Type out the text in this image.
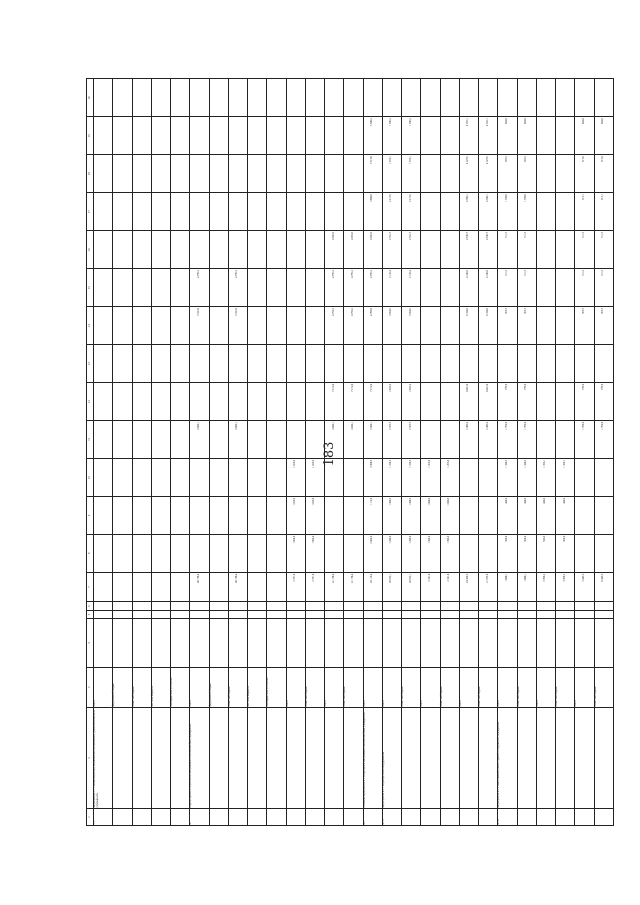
1	2	3	4	5	6	7	8	9	10	11	12	13	14	15	16	17	18	19	20
1.1.	Мероприятие 1.1.1 «Реализация мер, направленных на повышение уровня безопасности учреждений»	всего																	
		федеральный бюджет																	
		областной бюджет																	
		местные бюджеты																	
		внебюджетные источники																	
4.	Подпрограмма 4 «Укрепление материально-технической базы учреждений»	всего				48 176,4				4 000,1			3 341,6	4 759,2					
		федеральный бюджет																	
		областной бюджет				48 176,4				4 000,1			3 341,6	4 759,2					
		местные бюджеты																	
		внебюджетные источники																	
		всего				2 371,8	1 000,0	1 025,0	1 025,0										
		областной бюджет				2 371,8	1 000,0	1 025,0	1 025,0										
		всего				41 176,4				4 000,1	7 212,6		4 759,2	4 759,2	4 909,8				
		областной бюджет				41 176,4				4 000,1	7 212,6		4 759,2	4 759,2	4 909,8				
4.1.	Основное мероприятие 4.1 «Укрепление материально-технической базы учреждений»	всего				45 110,4	2 000,0	1 112,8	3 306,5	5 000,1	7 212,6		4 763,8	4 759,2	4 909,8	3 866,8	3 313,6	3 306,2	
4.1.1.	Мероприятие 4.1.1 «Приобретение оборудования»	всего				28 952,1	1 260,0	1 360,3	1 230,5	2 595,7	2 652,0		3 054,9	2 129,4	2 341,7	2 217,9	1 774,1	1 700,2	
		областной бюджет				28 952,1	1 260,0	1 360,3	1 230,5	2 595,7	2 652,0		3 054,9	2 129,4	2 341,7	2 217,9	1 774,1	1 700,2	
		всего				2 341,6	1 360,0	1 060,8	1 295,6										
		областной бюджет				2 341,6	1 360,0	1 060,8	1 295,6										
		всего				24 450,3				2 489,0	6 401,6		4 160,8	4 160,8	4 349,7	4 386,1	4 327,9	4 352,1	
		областной бюджет				21 255,8				2 489,0	6 401,6		4 160,8	4 160,8	4 349,7	4 386,1	4 327,9	4 352,1	
4.1.2.	Мероприятие 4.1.2 «Капитальный ремонт зданий и сооружений учреждений»	всего				1 666,1	500,0	440,0	1 340,3	1 790,8	739,8		395,7	311,3	311,3	1 376,8	307,2	804,8	
		областной бюджет				1 666,1	500,0	440,0	1 340,3	1 790,8	739,8		395,7	311,3	311,3	1 376,8	307,2	804,8	
		всего				3 708,2	500,0	440,0	1 350,1										
		областной бюджет				3 708,2	500,0	440,0	1 350,1										
		всего				3 443,3				1 790,8	739,8		395,7	311,3	311,3	313,1	317,0	804,8	
		областной бюджет				6 443,3				1 790,8	739,8		395,7	311,3	311,3	313,1	317,0	804,8	
183
